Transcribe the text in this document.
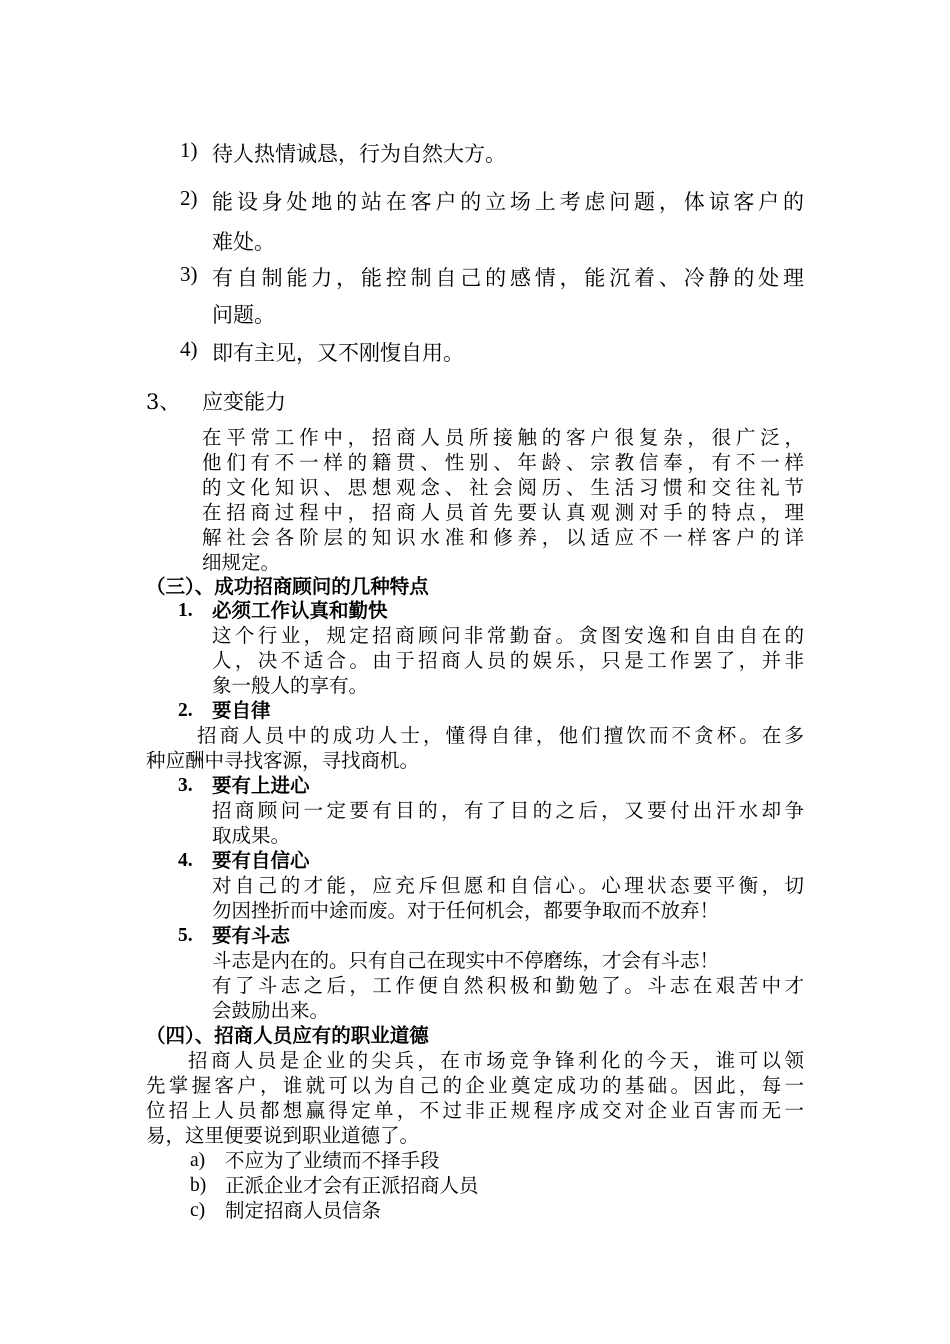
1) 待人热情诚恳，行为自然大方。
2) 能设身处地的站在客户的立场上考虑问题，体谅客户的
难处。
3) 有自制能力，能控制自己的感情，能沉着、冷静的处理
问题。
4) 即有主见，又不刚愎自用。
3、 应变能力
在平常工作中，招商人员所接触的客户很复杂，很广泛，
他们有不一样的籍贯、性别、年龄、宗教信奉，有不一样
的文化知识、思想观念、社会阅历、生活习惯和交往礼节
在招商过程中，招商人员首先要认真观测对手的特点，理
解社会各阶层的知识水准和修养，以适应不一样客户的详
细规定。
（三）、成功招商顾问的几种特点
1. 必须工作认真和勤快
这个行业，规定招商顾问非常勤奋。贪图安逸和自由自在的
人，决不适合。由于招商人员的娱乐，只是工作罢了，并非
象一般人的享有。
2. 要自律
招商人员中的成功人士，懂得自律，他们擅饮而不贪杯。在多
种应酬中寻找客源，寻找商机。
3. 要有上进心
招商顾问一定要有目的，有了目的之后，又要付出汗水却争
取成果。
4. 要有自信心
对自己的才能，应充斥但愿和自信心。心理状态要平衡，切
勿因挫折而中途而废。对于任何机会，都要争取而不放弃！
5. 要有斗志
斗志是内在的。只有自己在现实中不停磨练，才会有斗志！
有了斗志之后，工作便自然积极和勤勉了。斗志在艰苦中才
会鼓励出来。
（四）、招商人员应有的职业道德
招商人员是企业的尖兵，在市场竞争锋利化的今天，谁可以领
先掌握客户，谁就可以为自己的企业奠定成功的基础。因此，每一
位招上人员都想赢得定单，不过非正规程序成交对企业百害而无一
易，这里便要说到职业道德了。
a) 不应为了业绩而不择手段
b) 正派企业才会有正派招商人员
c) 制定招商人员信条
